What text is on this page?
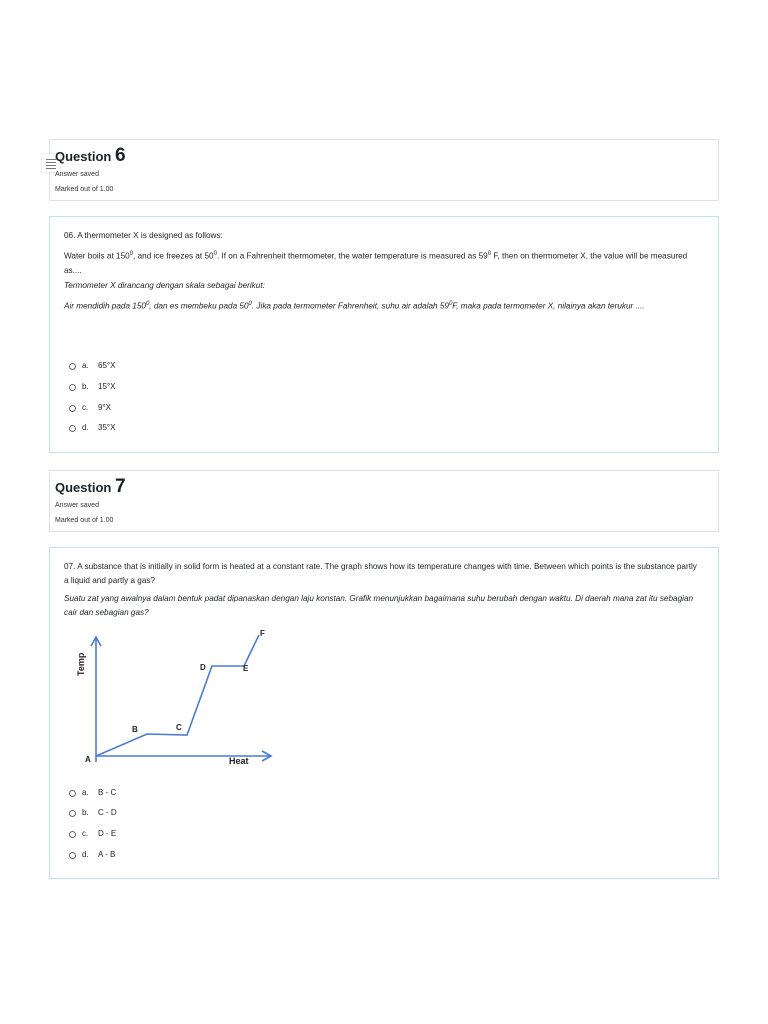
Question 6
Answer saved
Marked out of 1.00

06. A thermometer X is designed as follows:

Water boils at $150^0$, and ice freezes at $50^0$. If on a Fahrenheit thermometer, the water temperature is measured as $59^0$ F, then on thermometer X, the value will be measured as....

Termometer X dirancang dengan skala sebagai berikut:

Air mendidih pada $150^0$, dan es membeku pada $50^0$. Jika pada termometer Fahrenheit, suhu air adalah $59^0F$, maka pada termometer X, nilainya akan terukur ....

a.	65°X
b.	15°X
c.	9°X
d.	35°X
Question 7
Answer saved
Marked out of 1.00

07. A substance that is initially in solid form is heated at a constant rate. The graph shows how its temperature changes with time. Between which points is the substance partly a liquid and partly a gas?

Suatu zat yang awalnya dalam bentuk padat dipanaskan dengan laju konstan. Grafik menunjukkan bagaimana suhu berubah dengan waktu. Di daerah mana zat itu sebagian cair dan sebagian gas?

Temp
Heat
A
B	C
D	E
F
a.	B - C
b.	C - D
c.	D - E
d.	A - B
